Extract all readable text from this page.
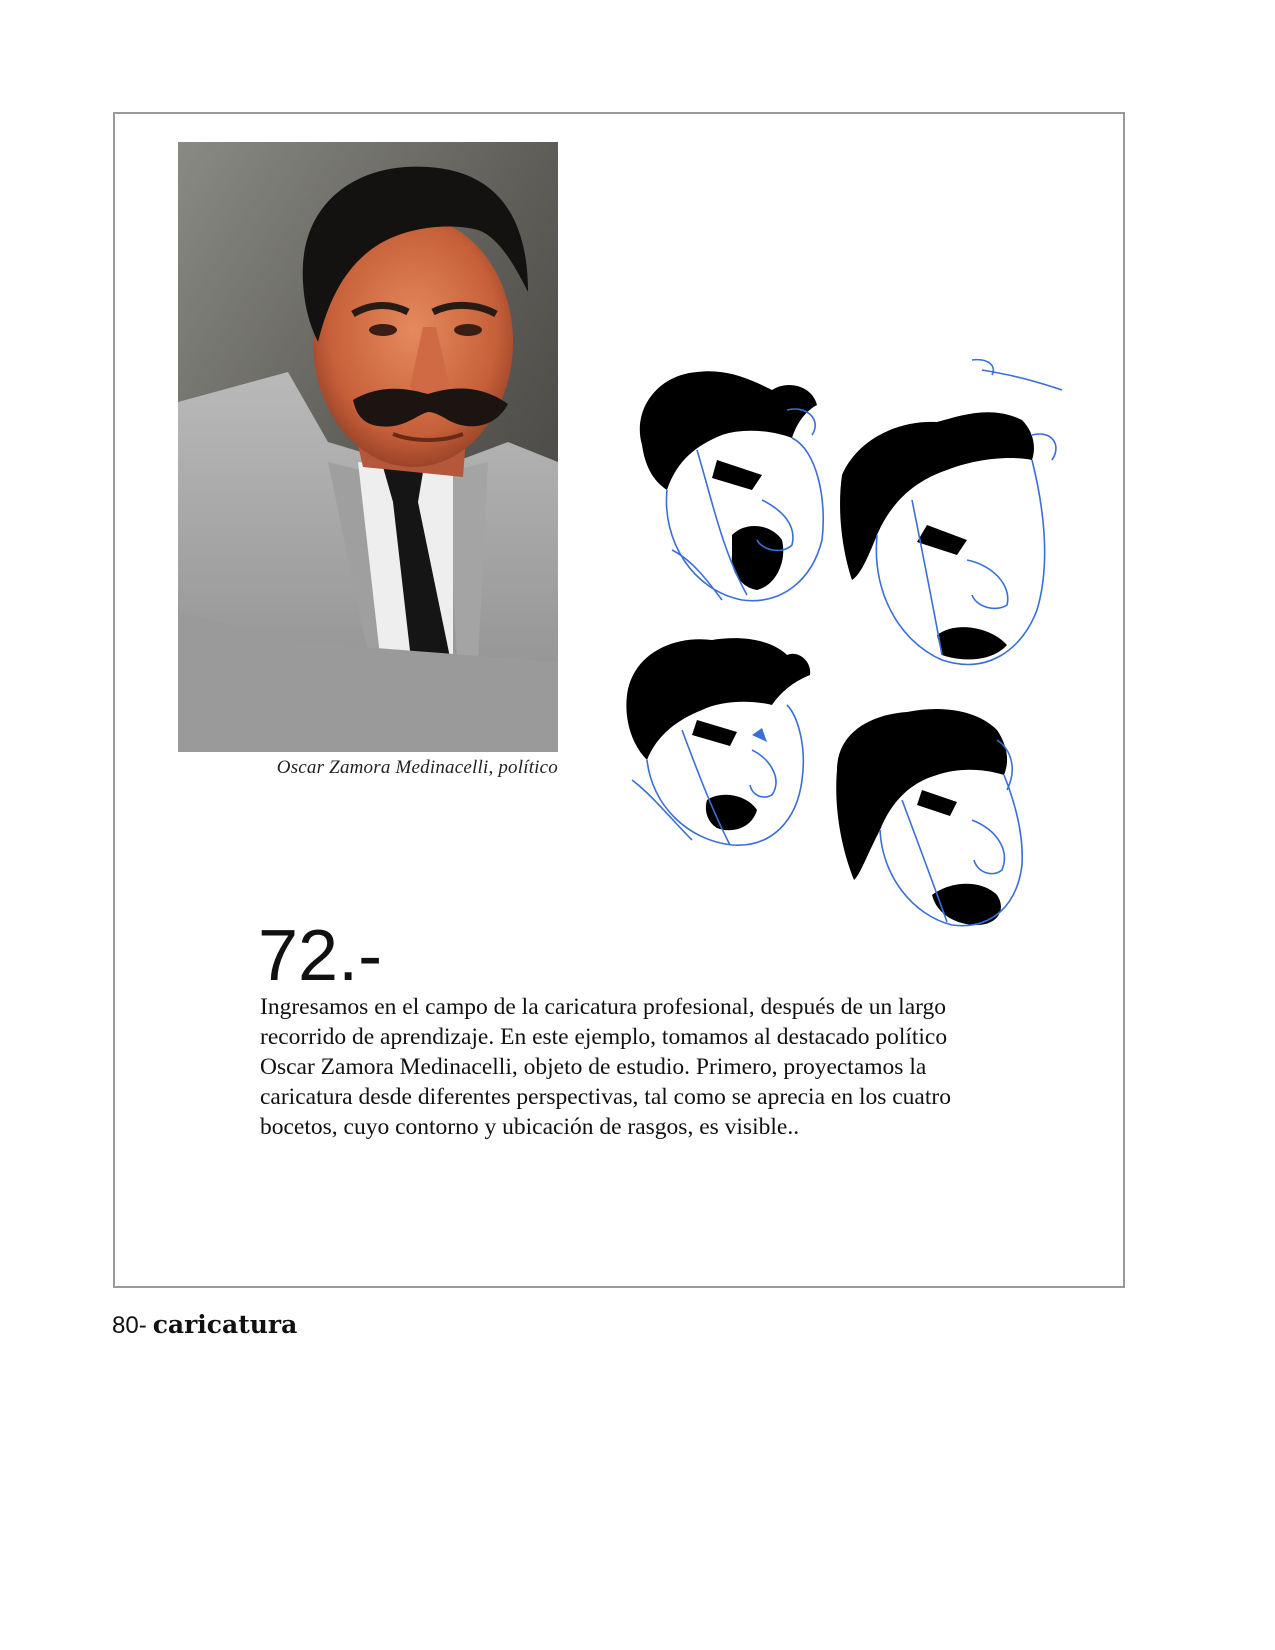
Oscar Zamora Medinacelli, político
72.-

Ingresamos en el campo de la caricatura profesional, después de un largo recorrido de aprendizaje. En este ejemplo, tomamos al destacado político Oscar Zamora Medinacelli, objeto de estudio. Primero, proyectamos la caricatura desde diferentes perspectivas, tal como se aprecia en los cuatro bocetos, cuyo contorno y ubicación de rasgos, es visible..

80- caricatura
